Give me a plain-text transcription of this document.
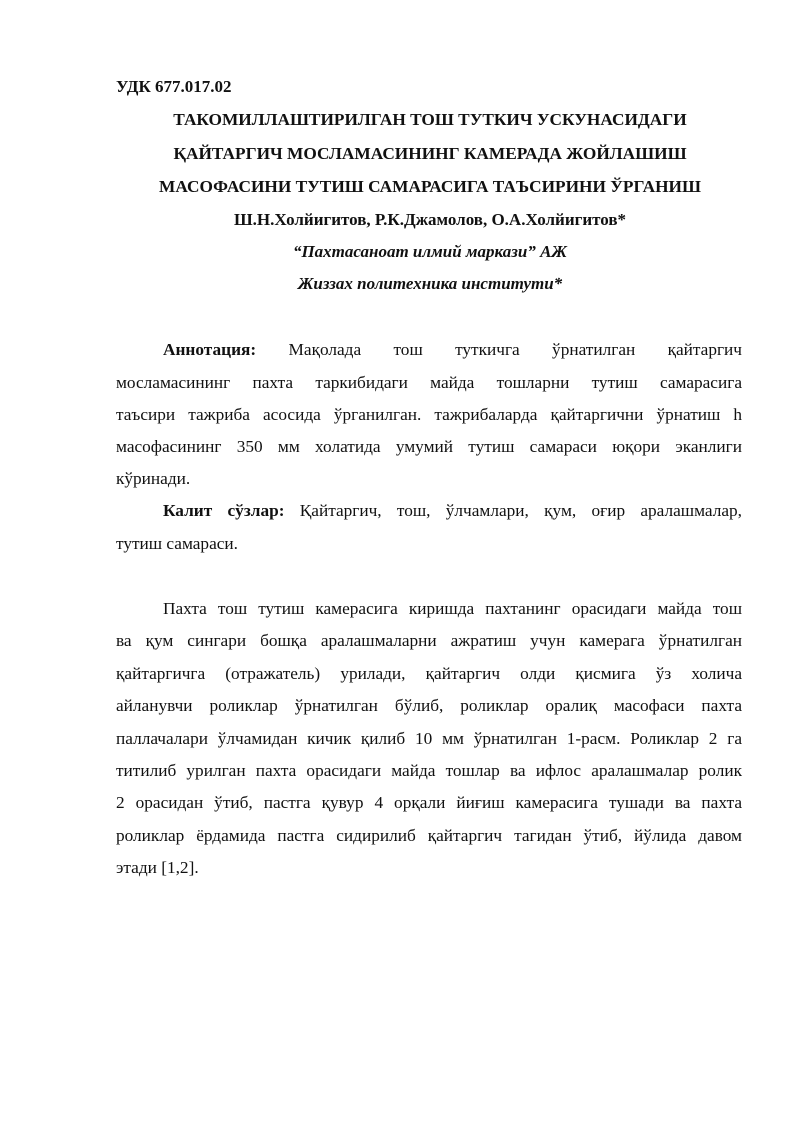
УДК 677.017.02
ТАКОМИЛЛАШТИРИЛГАН ТОШ ТУТКИЧ УСКУНАСИДАГИ
ҚАЙТАРГИЧ МОСЛАМАСИНИНГ КАМЕРАДА ЖОЙЛАШИШ
МАСОФАСИНИ ТУТИШ САМАРАСИГА ТАЪСИРИНИ ЎРГАНИШ
Ш.Н.Холйигитов, Р.К.Джамолов, О.А.Холйигитов*
“Пахтасаноат илмий маркази” АЖ
Жиззах политехника институти*
Аннотация: Мақолада тош туткичга ўрнатилган қайтаргич
мосламасининг пахта таркибидаги майда тошларни тутиш самарасига
таъсири тажриба асосида ўрганилган. тажрибаларда қайтаргични ўрнатиш h
масофасининг 350 мм холатида умумий тутиш самараси юқори эканлиги
кўринади.
Калит сўзлар: Қайтаргич, тош, ўлчамлари, қум, оғир аралашмалар,
тутиш самараси.
Пахта тош тутиш камерасига киришда пахтанинг орасидаги майда тош
ва қум сингари бошқа аралашмаларни ажратиш учун камерага ўрнатилган
қайтаргичга (отражатель) урилади, қайтаргич олди қисмига ўз холича
айланувчи роликлар ўрнатилган бўлиб, роликлар оралиқ масофаси пахта
паллачалари ўлчамидан кичик қилиб 10 мм ўрнатилган 1-расм. Роликлар 2 га
титилиб урилган пахта орасидаги майда тошлар ва ифлос аралашмалар ролик
2 орасидан ўтиб, пастга қувур 4 орқали йиғиш камерасига тушади ва пахта
роликлар ёрдамида пастга сидирилиб қайтаргич тагидан ўтиб, йўлида давом
этади [1,2].
